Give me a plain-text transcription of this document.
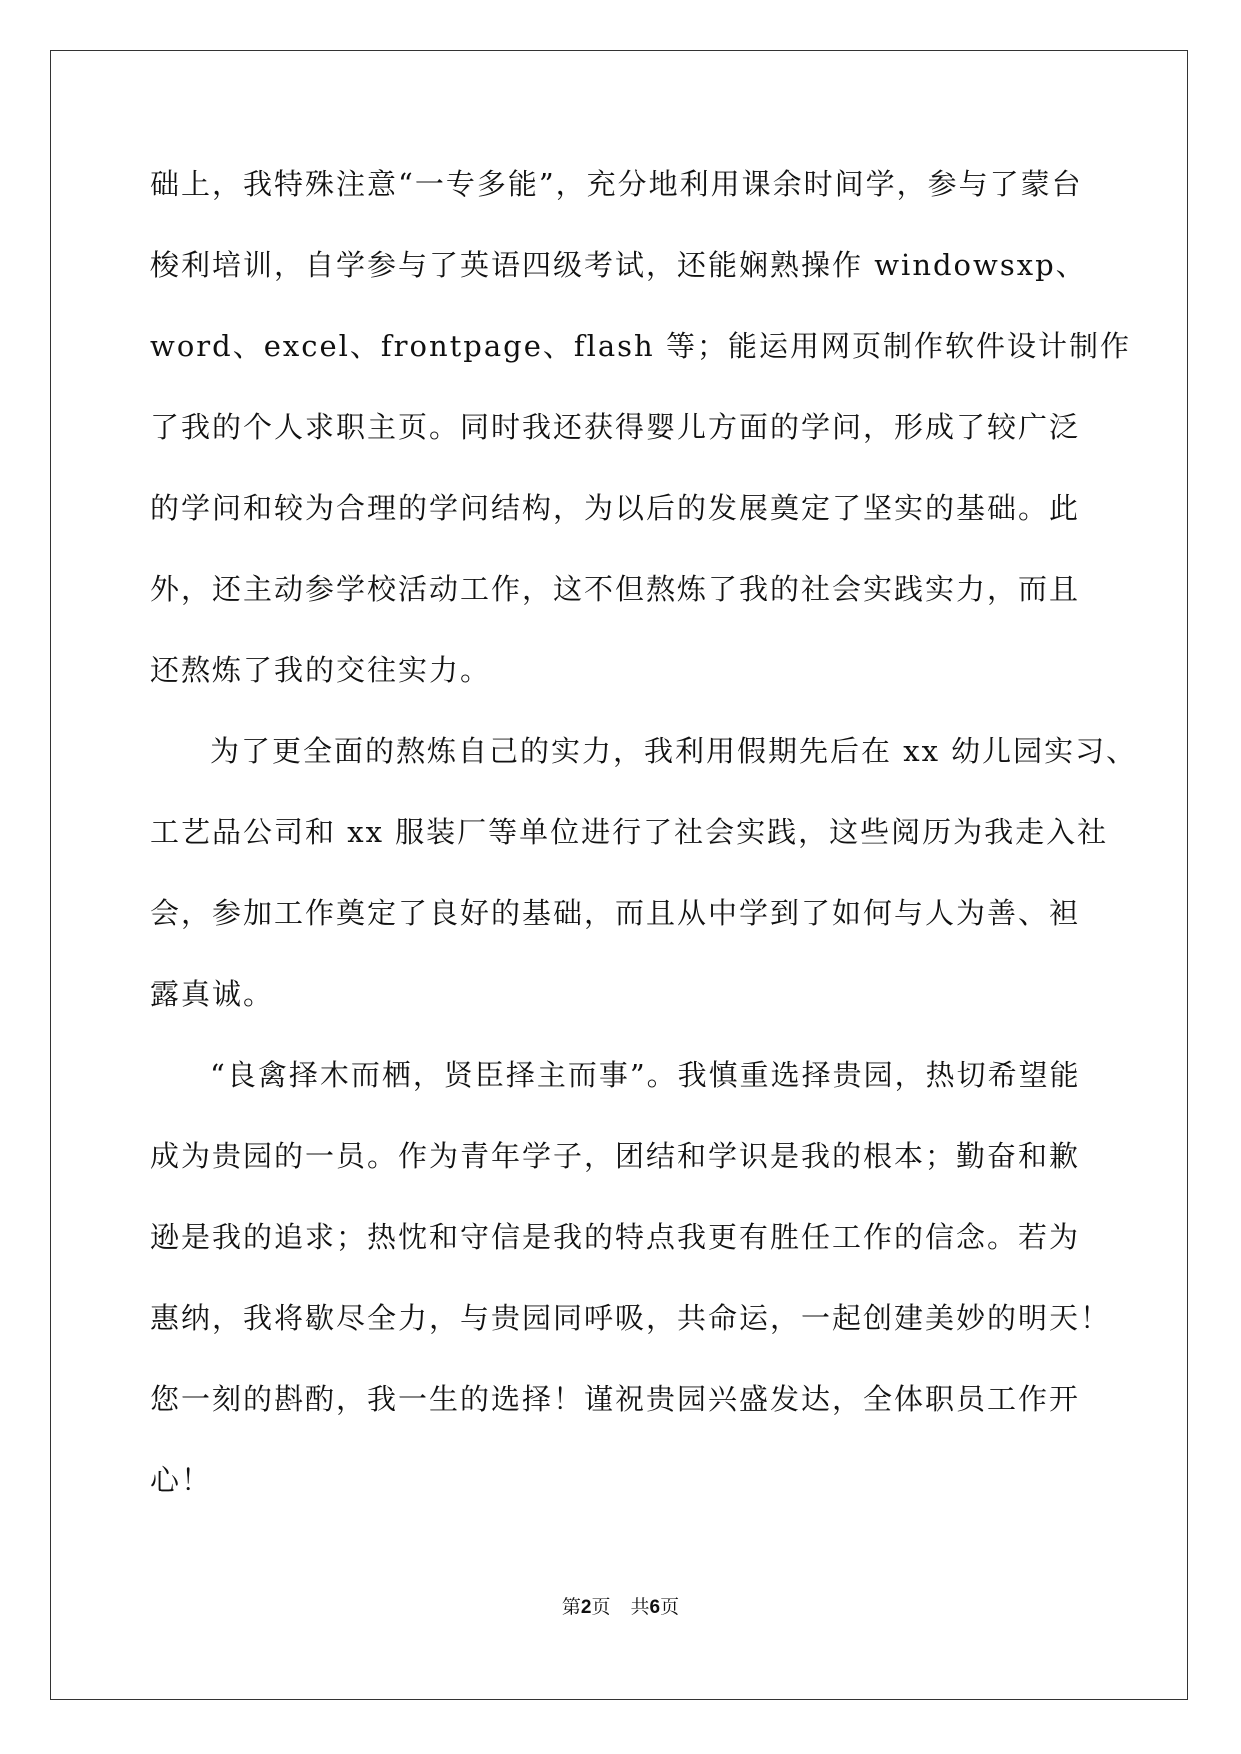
础上，我特殊注意“一专多能”，充分地利用课余时间学，参与了蒙台
梭利培训，自学参与了英语四级考试，还能娴熟操作 windowsxp、
word、excel、frontpage、flash 等；能运用网页制作软件设计制作
了我的个人求职主页。同时我还获得婴儿方面的学问，形成了较广泛
的学问和较为合理的学问结构，为以后的发展奠定了坚实的基础。此
外，还主动参学校活动工作，这不但熬炼了我的社会实践实力，而且
还熬炼了我的交往实力。
为了更全面的熬炼自己的实力，我利用假期先后在 xx 幼儿园实习、
工艺品公司和 xx 服装厂等单位进行了社会实践，这些阅历为我走入社
会，参加工作奠定了良好的基础，而且从中学到了如何与人为善、袒
露真诚。
“良禽择木而栖，贤臣择主而事”。我慎重选择贵园，热切希望能
成为贵园的一员。作为青年学子，团结和学识是我的根本；勤奋和歉
逊是我的追求；热忱和守信是我的特点我更有胜任工作的信念。若为
惠纳，我将歇尽全力，与贵园同呼吸，共命运，一起创建美妙的明天！
您一刻的斟酌，我一生的选择！谨祝贵园兴盛发达，全体职员工作开
心！
第2页 共6页
